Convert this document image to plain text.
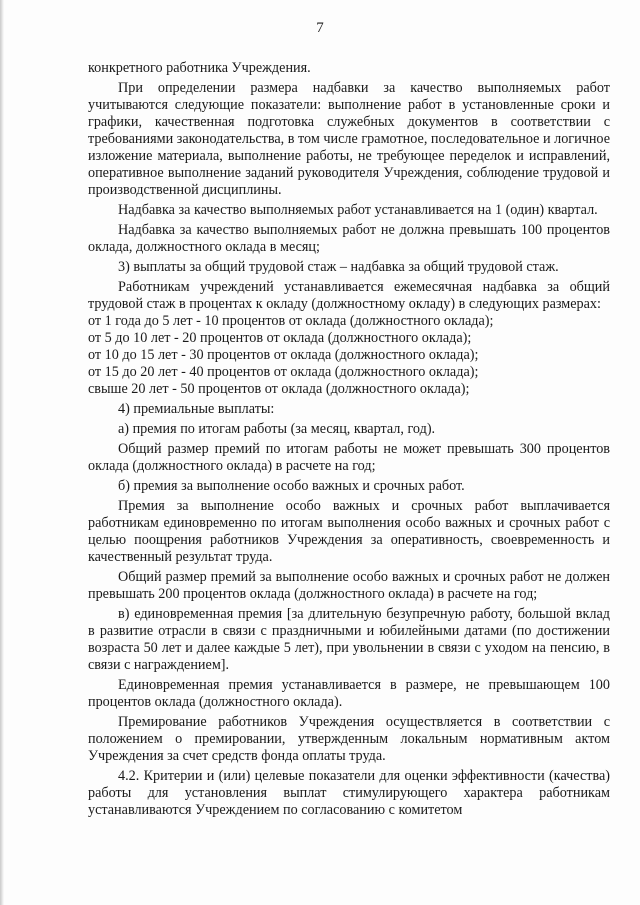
7

конкретного работника Учреждения.

При определении размера надбавки за качество выполняемых работ учитываются следующие показатели: выполнение работ в установленные сроки и графики, качественная подготовка служебных документов в соответствии с требованиями законодательства, в том числе грамотное, последовательное и логичное изложение материала, выполнение работы, не требующее переделок и исправлений, оперативное выполнение заданий руководителя Учреждения, соблюдение трудовой и производственной дисциплины.

Надбавка за качество выполняемых работ устанавливается на 1 (один) квартал.

Надбавка за качество выполняемых работ не должна превышать 100 процентов оклада, должностного оклада в месяц;

3) выплаты за общий трудовой стаж – надбавка за общий трудовой стаж.

Работникам учреждений устанавливается ежемесячная надбавка за общий трудовой стаж в процентах к окладу (должностному окладу) в следующих размерах:

от 1 года до 5 лет - 10 процентов от оклада (должностного оклада);

от 5 до 10 лет - 20 процентов от оклада (должностного оклада);

от 10 до 15 лет - 30 процентов от оклада (должностного оклада);

от 15 до 20 лет - 40 процентов от оклада (должностного оклада);

свыше 20 лет - 50 процентов от оклада (должностного оклада);

4) премиальные выплаты:

а) премия по итогам работы (за месяц, квартал, год).

Общий размер премий по итогам работы не может превышать 300 процентов оклада (должностного оклада) в расчете на год;

б) премия за выполнение особо важных и срочных работ.

Премия за выполнение особо важных и срочных работ выплачивается работникам единовременно по итогам выполнения особо важных и срочных работ с целью поощрения работников Учреждения за оперативность, своевременность и качественный результат труда.

Общий размер премий за выполнение особо важных и срочных работ не должен превышать 200 процентов оклада (должностного оклада) в расчете на год;

в) единовременная премия [за длительную безупречную работу, большой вклад в развитие отрасли в связи с праздничными и юбилейными датами (по достижении возраста 50 лет и далее каждые 5 лет), при увольнении в связи с уходом на пенсию, в связи с награждением].

Единовременная премия устанавливается в размере, не превышающем 100 процентов оклада (должностного оклада).

Премирование работников Учреждения осуществляется в соответствии с положением о премировании, утвержденным локальным нормативным актом Учреждения за счет средств фонда оплаты труда.

4.2. Критерии и (или) целевые показатели для оценки эффективности (качества) работы для установления выплат стимулирующего характера работникам устанавливаются Учреждением по согласованию с комитетом
